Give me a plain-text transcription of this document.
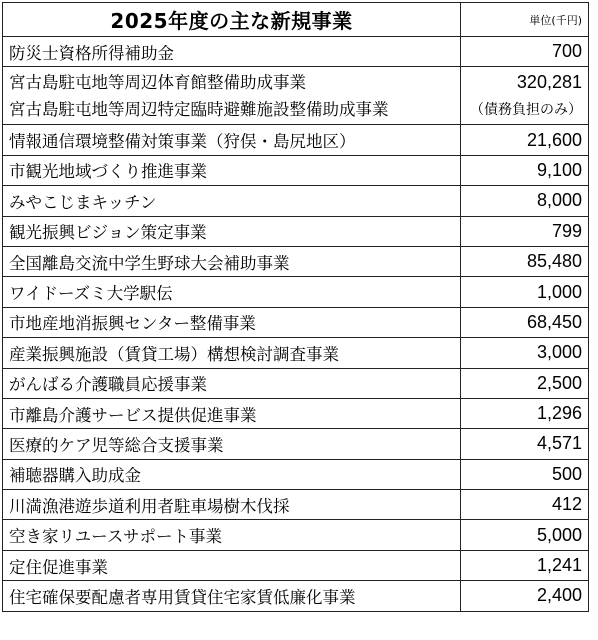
2025年度の主な新規事業	単位(千円)
防災士資格所得補助金	700

宮古島駐屯地等周辺体育館整備助成事業
宮古島駐屯地等周辺特定臨時避難施設整備助成事業	320,281
（債務負担のみ）

情報通信環境整備対策事業（狩俣・島尻地区）	21,600
市観光地域づくり推進事業	9,100
みやこじまキッチン	8,000
観光振興ビジョン策定事業	799
全国離島交流中学生野球大会補助事業	85,480
ワイドーズミ大学駅伝	1,000
市地産地消振興センター整備事業	68,450
産業振興施設（賃貸工場）構想検討調査事業	3,000
がんばる介護職員応援事業	2,500
市離島介護サービス提供促進事業	1,296
医療的ケア児等総合支援事業	4,571
補聴器購入助成金	500
川満漁港遊歩道利用者駐車場樹木伐採	412
空き家リユースサポート事業	5,000
定住促進事業	1,241
住宅確保要配慮者専用賃貸住宅家賃低廉化事業	2,400
